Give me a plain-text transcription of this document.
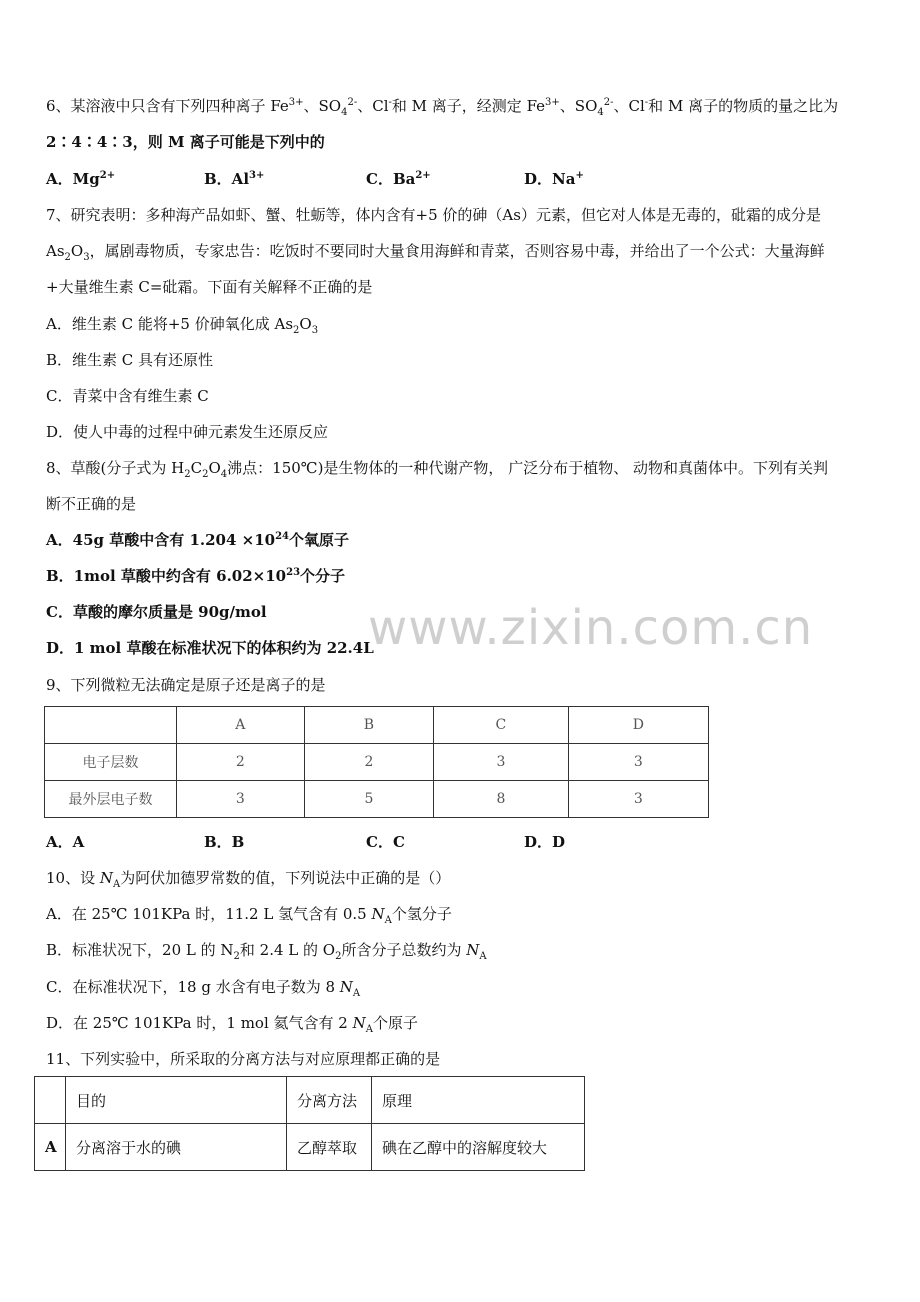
www.zixin.com.cn
6、某溶液中只含有下列四种离子 $Fe^{3+}$、$SO_4^{2-}$、Cl-和 M 离子，经测定 $Fe^{3+}$、$SO_4^{2-}$、Cl-和 M 离子的物质的量之比为
2∶4∶4∶3，则 M 离子可能是下列中的
A．$Mg^{2+}$	B．$Al^{3+}$	C．$Ba^{2+}$	D．Na+
7、研究表明：多种海产品如虾、蟹、牡蛎等，体内含有+5 价的砷（As）元素，但它对人体是无毒的，砒霜的成分是
$As_2O_3$，属剧毒物质，专家忠告：吃饭时不要同时大量食用海鲜和青菜，否则容易中毒，并给出了一个公式：大量海鲜
+大量维生素 C=砒霜。下面有关解释不正确的是
A．维生素 C 能将+5 价砷氧化成 $As_2O_3$
B．维生素 C 具有还原性
C．青菜中含有维生素 C
D．使人中毒的过程中砷元素发生还原反应
8、草酸(分子式为 $H_2C_2O_4$沸点：150℃)是生物体的一种代谢产物， 广泛分布于植物、 动物和真菌体中。下列有关判
断不正确的是
A．45g 草酸中含有 $1.204 \times 10^{24}$个氧原子
B．1mol 草酸中约含有 $6.02\times 10^{23}$个分子
C．草酸的摩尔质量是 90g/mol
D．1 mol 草酸在标准状况下的体积约为 22.4L
9、下列微粒无法确定是原子还是离子的是
	A	B	C	D
电子层数	2	2	3	3
最外层电子数	3	5	8	3
A．A	B．B	C．C	D．D
10、设 $N_A$为阿伏加德罗常数的值，下列说法中正确的是（）
A．在 25℃ 101KPa 时，11.2 L 氢气含有 0.5 $N_A$个氢分子
B．标准状况下，20 L 的 $N_2$和 2.4 L 的 $O_2$所含分子总数约为 $N_A$
C．在标准状况下，18 g 水含有电子数为 8 $N_A$
D．在 25℃ 101KPa 时，1 mol 氦气含有 2 $N_A$个原子
11、下列实验中，所采取的分离方法与对应原理都正确的是
	目的	分离方法	原理
A	分离溶于水的碘	乙醇萃取	碘在乙醇中的溶解度较大
